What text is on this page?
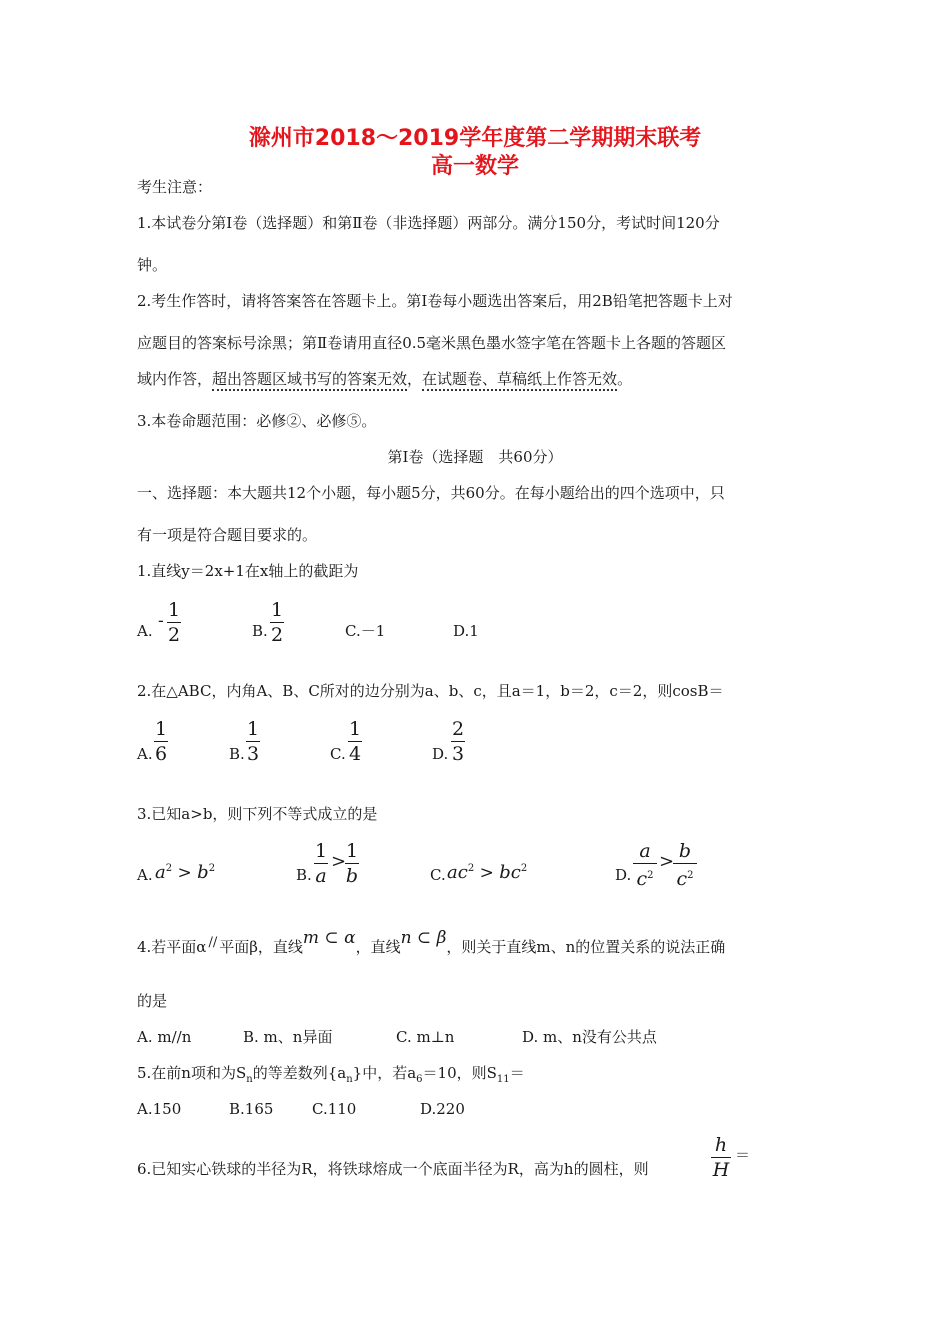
滁州市2018～2019学年度第二学期期末联考
高一数学
考生注意：
1.本试卷分第Ⅰ卷（选择题）和第Ⅱ卷（非选择题）两部分。满分150分，考试时间120分
钟。
2.考生作答时，请将答案答在答题卡上。第Ⅰ卷每小题选出答案后，用2B铅笔把答题卡上对
应题目的答案标号涂黑；第Ⅱ卷请用直径0.5毫米黑色墨水签字笔在答题卡上各题的答题区
域内作答，超出答题区域书写的答案无效，在试题卷、草稿纸上作答无效。
3.本卷命题范围：必修②、必修⑤。
第Ⅰ卷（选择题　共60分）
一、选择题：本大题共12个小题，每小题5分，共60分。在每小题给出的四个选项中，只
有一项是符合题目要求的。
1.直线y＝2x+1在x轴上的截距为
A. - 1
2	B.
1
2	C.－1	D.1
2.在△ABC，内角A、B、C所对的边分别为a、b、c，且a＝1，b＝2，c＝2，则cosB＝
A.
1
6	B.
1
3	C.
1
4	D.
2
3
3.已知a>b，则下列不等式成立的是
A. $a^2 > b^2$	B.
1
a
> 1
b	C. $ac^2 > bc^2$	D.
a
$c^2$
> b
$c^2$
4.若平面α // 平面β，直线m ⊂ α，直线n ⊂ β，则关于直线m、n的位置关系的说法正确
的是
A. m//n	B. m、n异面	C. m⊥n	D. m、n没有公共点
5.在前n项和为$S_n$的等差数列$\{a_n\}$中，若$a_6=10$，则$S_{11}=$
A.150	B.165	C.110	D.220
6.已知实心铁球的半径为R，将铁球熔成一个底面半径为R，高为h的圆柱，则
h
H
＝
